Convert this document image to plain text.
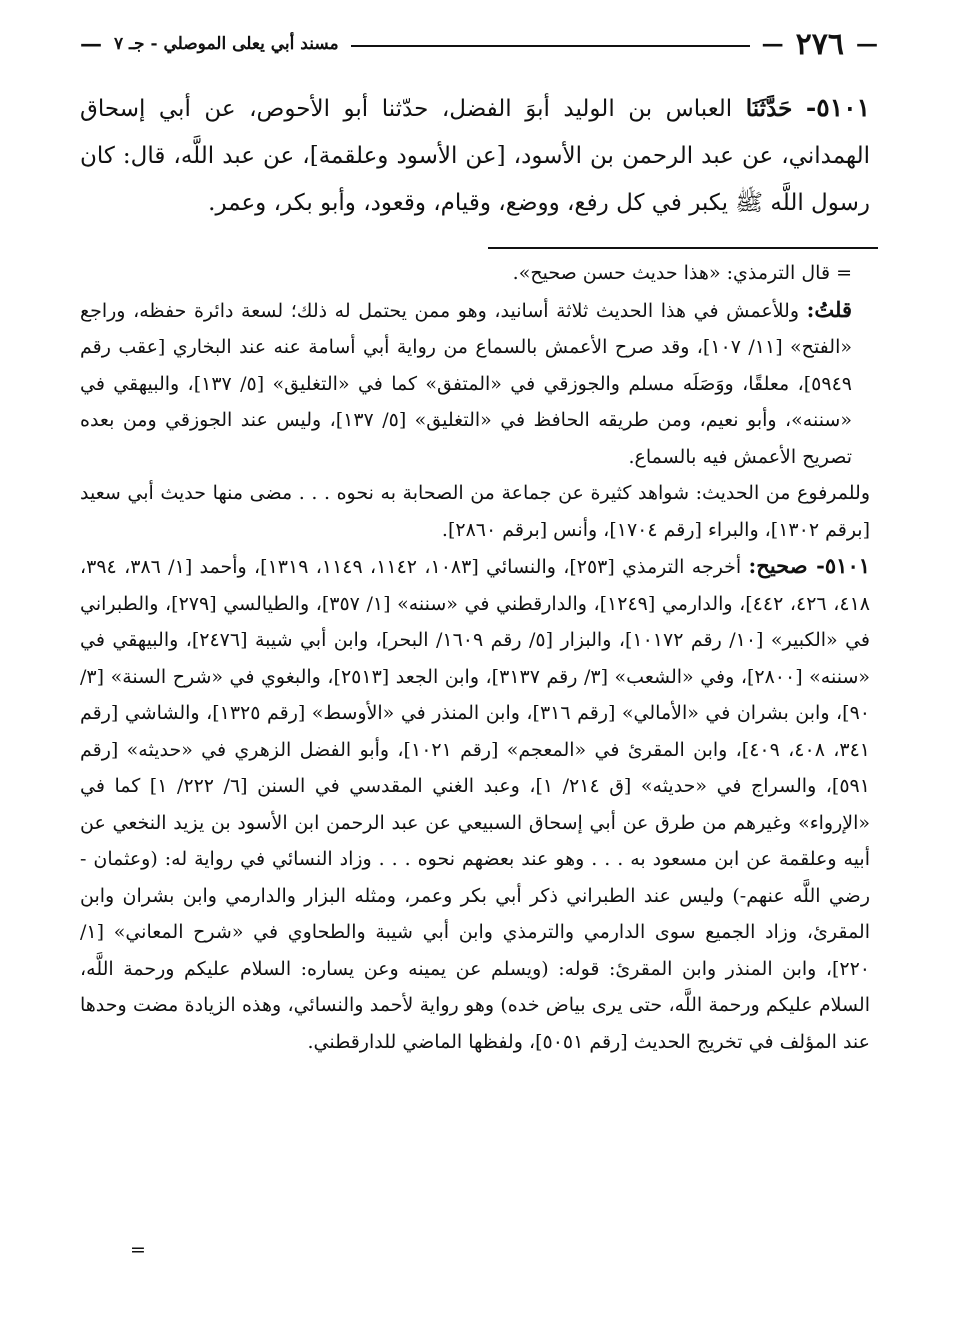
—
٢٧٦
—
مسند أبي يعلى الموصلي - جـ ٧
—
٥١٠١- حَدَّثَنَا العباس بن الوليد أبوَ الفضل، حدّثنا أبو الأحوص، عن أبي إسحاق الهمداني، عن عبد الرحمن بن الأسود، [عن الأسود وعلقمة]، عن عبد اللَّه، قال: كان رسول اللَّه ﷺ يكبر في كل رفع، ووضع، وقيام، وقعود، وأبو بكر، وعمر.

= قال الترمذي: «هذا حديث حسن صحيح».

قلتُ: وللأعمش في هذا الحديث ثلاثة أسانيد، وهو ممن يحتمل له ذلك؛ لسعة دائرة حفظه، وراجع «الفتح» [١١/ ١٠٧]، وقد صرح الأعمش بالسماع من رواية أبي أسامة عنه عند البخاري [عقب رقم ٥٩٤٩]، معلقًا، ووَصَلَه مسلم والجوزقي في «المتفق» كما في «التغليق» [٥/ ١٣٧]، والبيهقي في «سننه»، وأبو نعيم، ومن طريقه الحافظ في «التغليق» [٥/ ١٣٧]، وليس عند الجوزقي ومن بعده تصريح الأعمش فيه بالسماع.

وللمرفوع من الحديث: شواهد كثيرة عن جماعة من الصحابة به نحوه . . . مضى منها حديث أبي سعيد [برقم ١٣٠٢]، والبراء [رقم ١٧٠٤]، وأنس [برقم ٢٨٦٠].

٥١٠١- صحيح: أخرجه الترمذي [٢٥٣]، والنسائي [١٠٨٣، ١١٤٢، ١١٤٩، ١٣١٩]، وأحمد [١/ ٣٨٦، ٣٩٤، ٤١٨، ٤٢٦، ٤٤٢]، والدارمي [١٢٤٩]، والدارقطني في «سننه» [١/ ٣٥٧]، والطيالسي [٢٧٩]، والطبراني في «الكبير» [١٠/ رقم ١٠١٧٢]، والبزار [٥/ رقم ١٦٠٩/ البحر]، وابن أبي شيبة [٢٤٧٦]، والبيهقي في «سننه» [٢٨٠٠]، وفي «الشعب» [٣/ رقم ٣١٣٧]، وابن الجعد [٢٥١٣]، والبغوي في «شرح السنة» [٣/ ٩٠]، وابن بشران في «الأمالي» [رقم ٣١٦]، وابن المنذر في «الأوسط» [رقم ١٣٢٥]، والشاشي [رقم ٣٤١، ٤٠٨، ٤٠٩]، وابن المقرئ في «المعجم» [رقم ١٠٢١]، وأبو الفضل الزهري في «حديثه» [رقم ٥٩١]، والسراج في «حديثه» [ق ٢١٤/ ١]، وعبد الغني المقدسي في السنن [٦/ ٢٢٢/ ١] كما في «الإرواء» وغيرهم من طرق عن أبي إسحاق السبيعي عن عبد الرحمن ابن الأسود بن يزيد النخعي عن أبيه وعلقمة عن ابن مسعود به . . . وهو عند بعضهم نحوه . . . وزاد النسائي في رواية له: (وعثمان - رضي اللَّه عنهم-) وليس عند الطبراني ذكر أبي بكر وعمر، ومثله البزار والدارمي وابن بشران وابن المقرئ، وزاد الجميع سوى الدارمي والترمذي وابن أبي شيبة والطحاوي في «شرح المعاني» [١/ ٢٢٠]، وابن المنذر وابن المقرئ: قوله: (ويسلم عن يمينه وعن يساره: السلام عليكم ورحمة اللَّه، السلام عليكم ورحمة اللَّه، حتى يرى بياض خده) وهو رواية لأحمد والنسائي، وهذه الزيادة مضت وحدها عند المؤلف في تخريج الحديث [رقم ٥٠٥١]، ولفظها الماضي للدارقطني.

=
